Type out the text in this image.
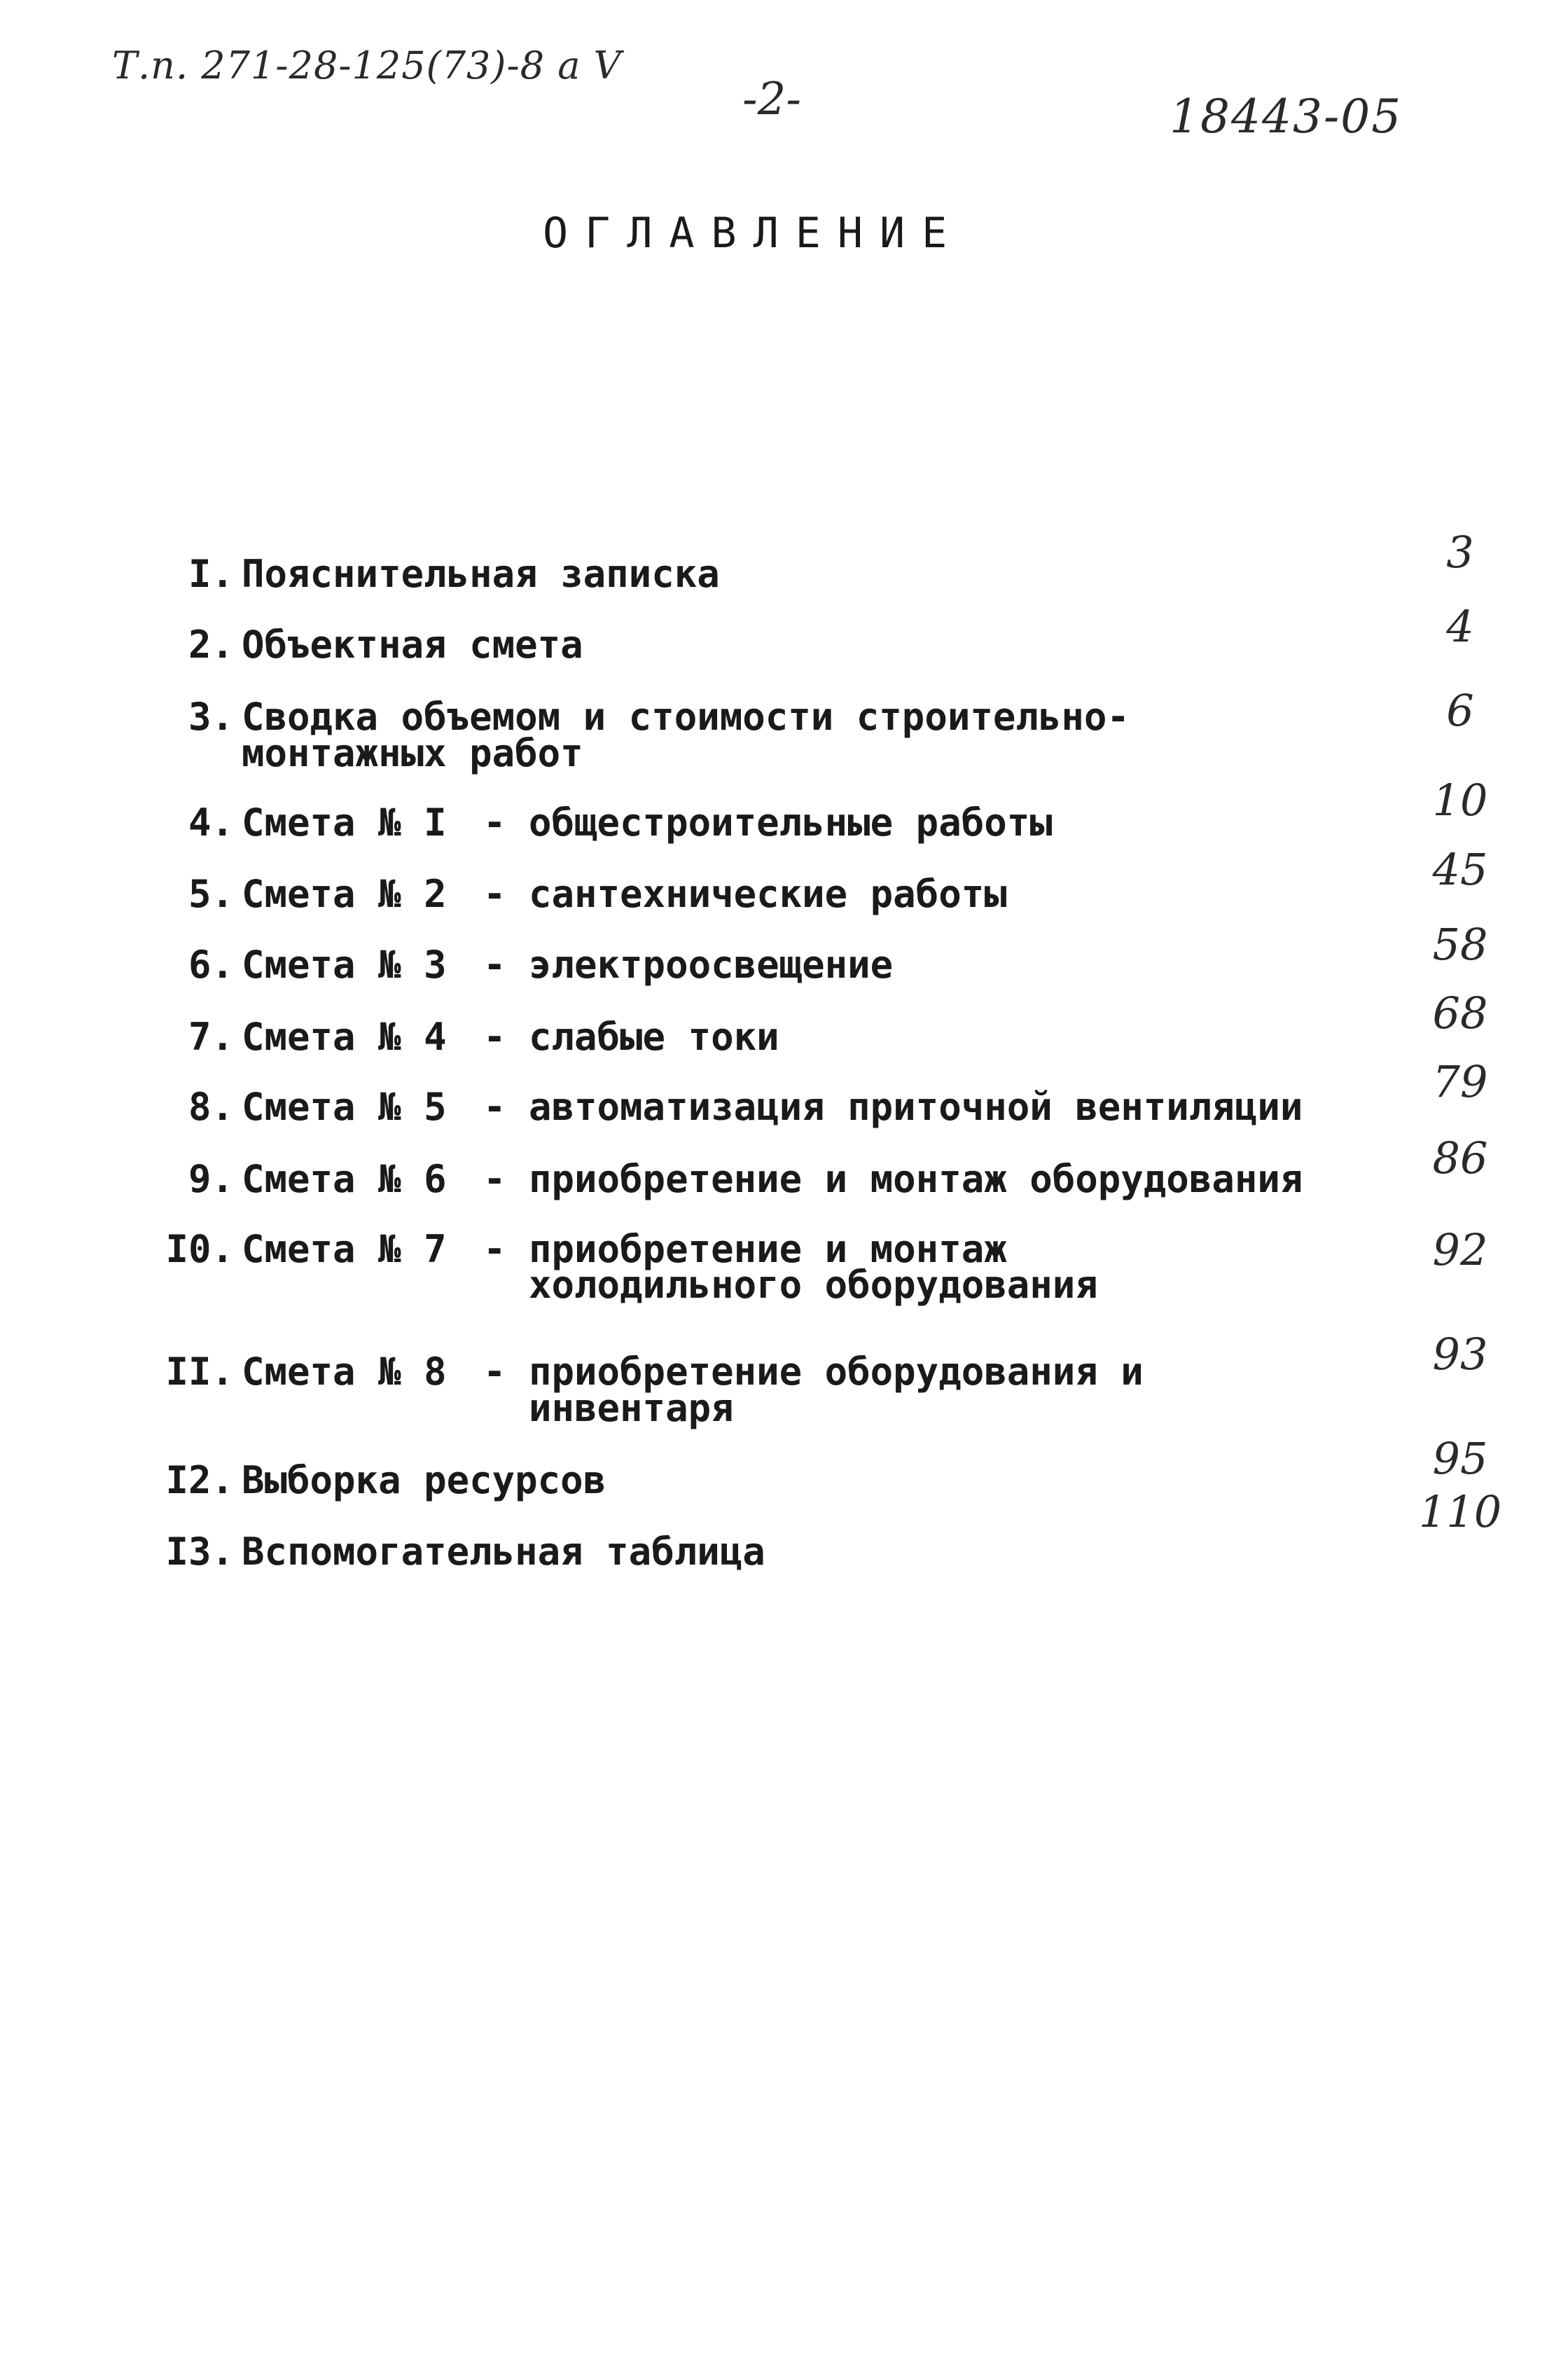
Т.п. 271-28-125(73)-8 а V
-2-	18443-05
ОГЛАВЛЕНИЕ
3
4
6
10
45
58
68
79
86
92
93
95
110
I. Пояснительная записка
2. Объектная смета
3. Сводка объемом и стоимости строительно-
монтажных работ
4. Смета № I - общестроительные работы
5. Смета № 2 - сантехнические работы
6. Смета № 3 - электроосвещение
7. Смета № 4 - слабые токи
8. Смета № 5 - автоматизация приточной вентиляции
9. Смета № 6 - приобретение и монтаж оборудования
I0. Смета № 7 - приобретение и монтаж
холодильного оборудования
II. Смета № 8 - приобретение оборудования и
инвентаря
I2. Выборка ресурсов
I3. Вспомогательная таблица
